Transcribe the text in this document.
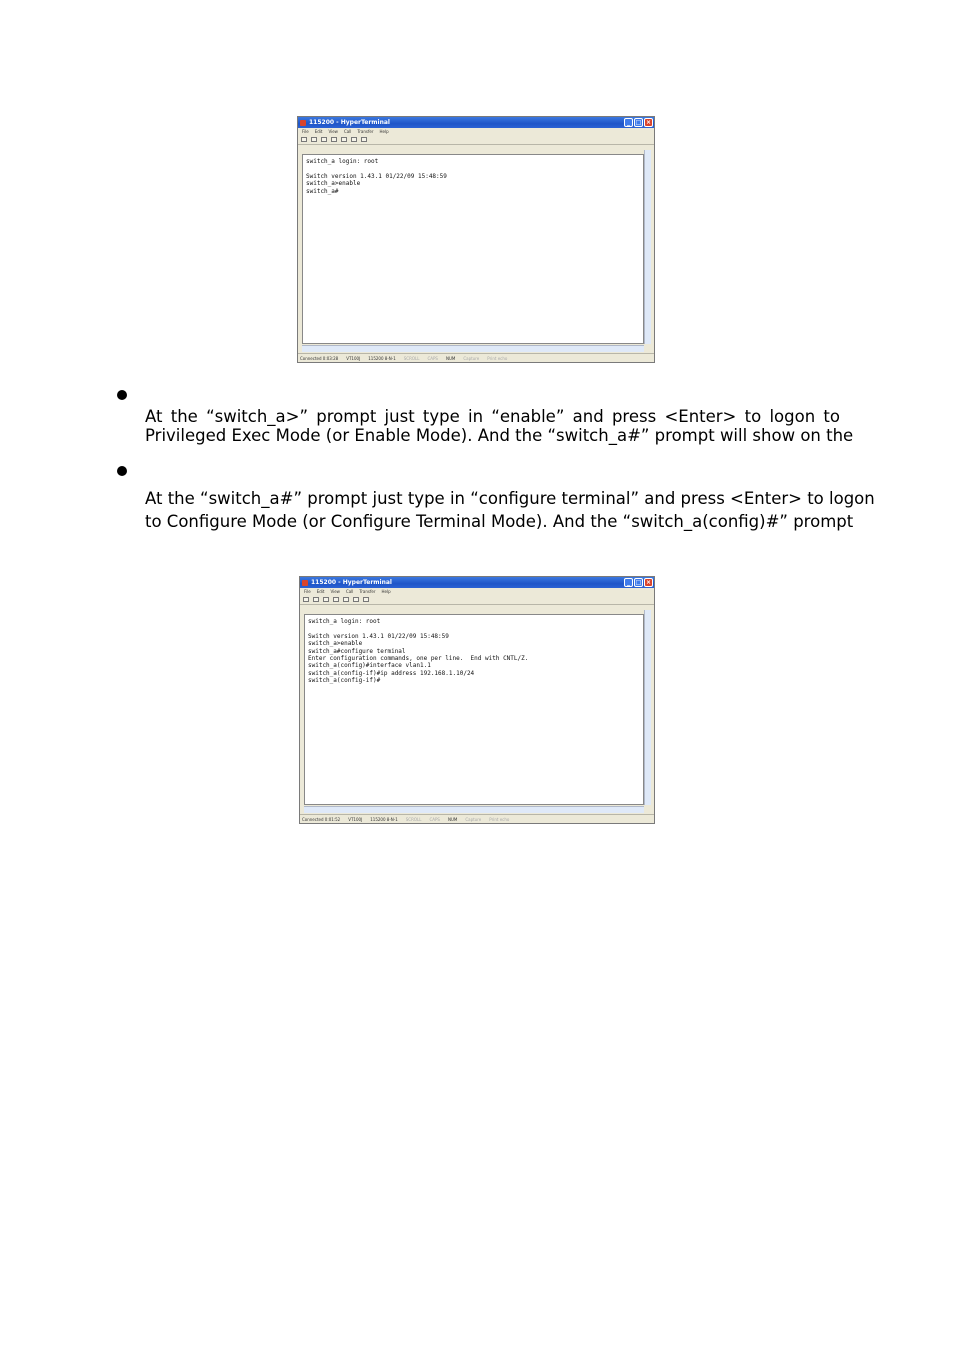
115200 - HyperTerminal	_ □ ×
File Edit View Call Transfer Help
switch_a login: root
Switch version 1.43.1 01/22/09 15:48:59
switch_a>enable
switch_a#
Connected 0:03:28 VT100J 115200 8-N-1 SCROLL CAPS NUM Capture Print echo

At the “switch_a>” prompt just type in “enable” and press <Enter> to logon to
Privileged Exec Mode (or Enable Mode). And the “switch_a#” prompt will show on the

At the “switch_a#” prompt just type in “configure terminal” and press <Enter> to logon
to Configure Mode (or Configure Terminal Mode). And the “switch_a(config)#” prompt

115200 - HyperTerminal	_ □ ×
File Edit View Call Transfer Help
switch_a login: root
Switch version 1.43.1 01/22/09 15:48:59
switch_a>enable
switch_a#configure terminal
Enter configuration commands, one per line.  End with CNTL/Z.
switch_a(config)#interface vlan1.1
switch_a(config-if)#ip address 192.168.1.10/24
switch_a(config-if)#
Connected 0:01:52 VT100J 115200 8-N-1 SCROLL CAPS NUM Capture Print echo
